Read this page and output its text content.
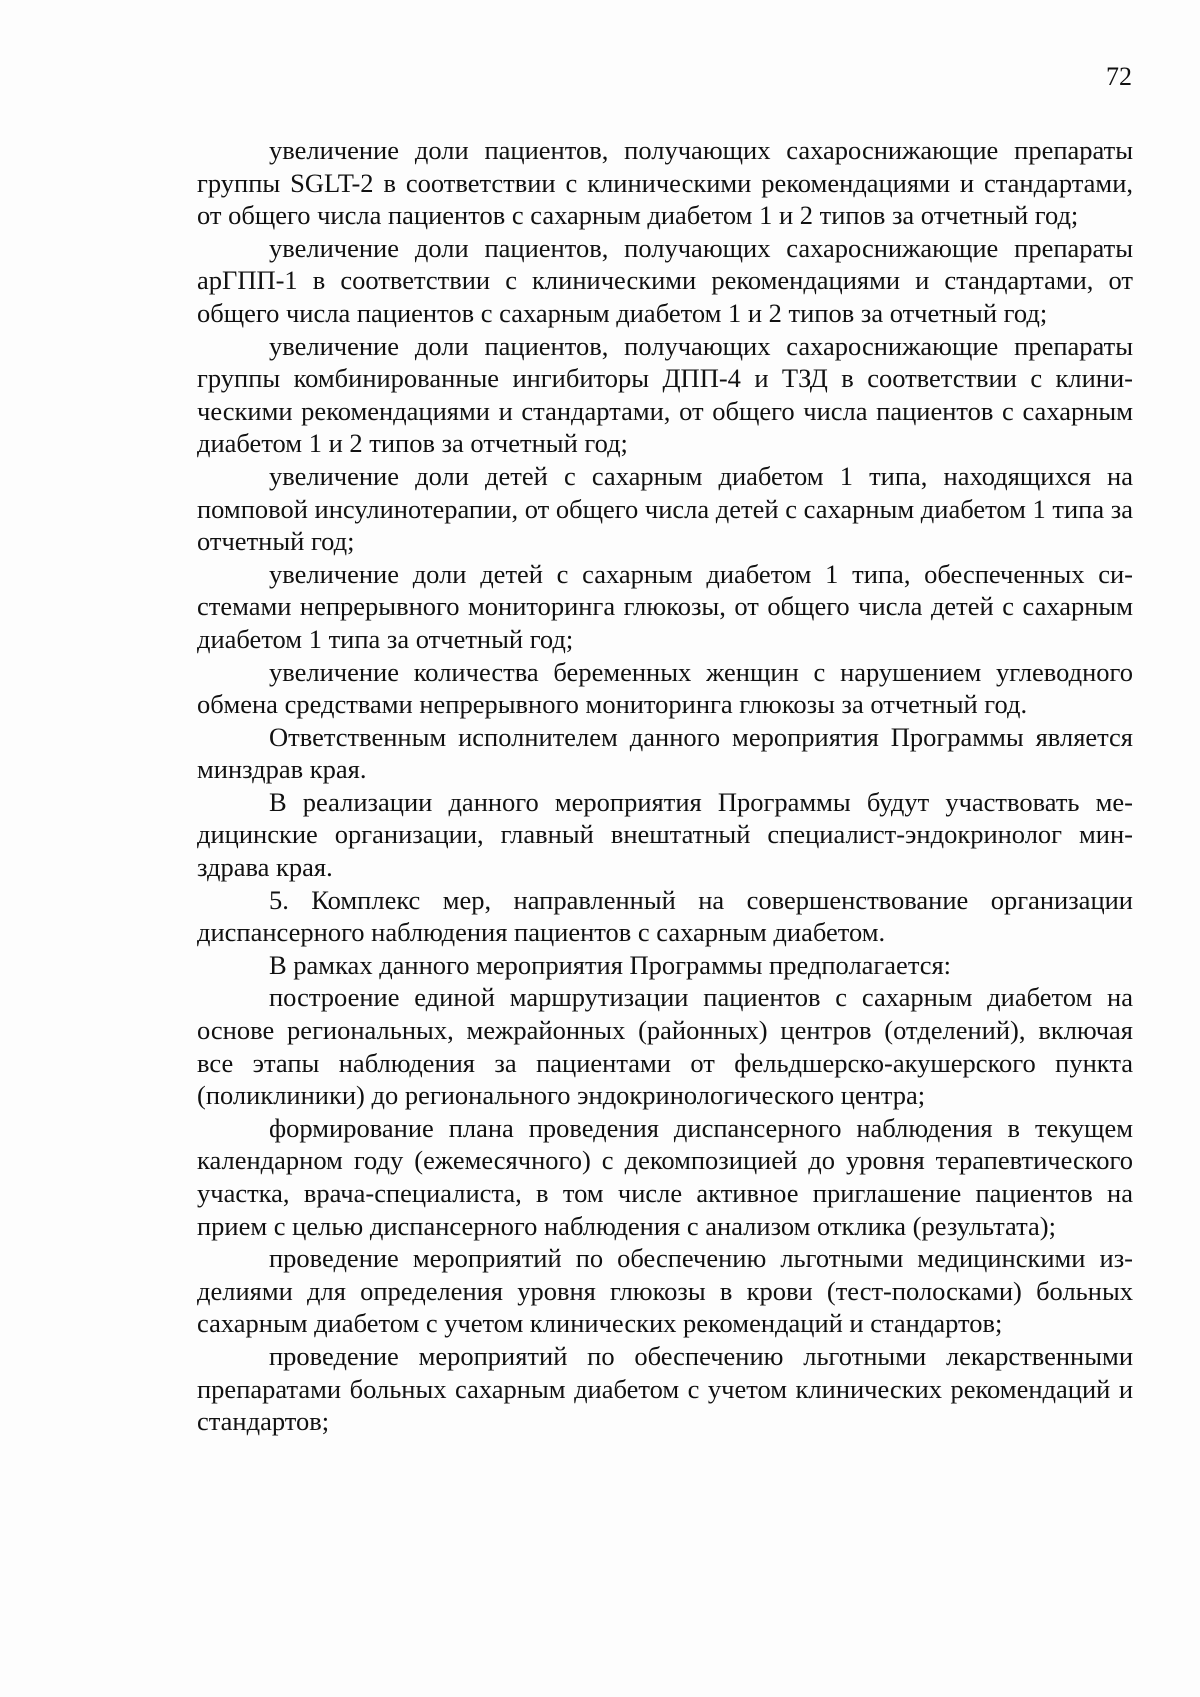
72

увеличение доли пациентов, получающих сахароснижающие препараты группы SGLT-2 в соответствии с клиническими рекомендациями и стандартами, от общего числа пациентов с сахарным диабетом 1 и 2 типов за отчетный год;

увеличение доли пациентов, получающих сахароснижающие препараты арГПП-1 в соответствии с клиническими рекомендациями и стандартами, от общего числа пациентов с сахарным диабетом 1 и 2 типов за отчетный год;

увеличение доли пациентов, получающих сахароснижающие препараты группы комбинированные ингибиторы ДПП-4 и ТЗД в соответствии с клиническими рекомендациями и стандартами, от общего числа пациентов с сахарным диабетом 1 и 2 типов за отчетный год;

увеличение доли детей с сахарным диабетом 1 типа, находящихся на помповой инсулинотерапии, от общего числа детей с сахарным диабетом 1 типа за отчетный год;

увеличение доли детей с сахарным диабетом 1 типа, обеспеченных системами непрерывного мониторинга глюкозы, от общего числа детей с сахарным диабетом 1 типа за отчетный год;

увеличение количества беременных женщин с нарушением углеводного обмена средствами непрерывного мониторинга глюкозы за отчетный год.

Ответственным исполнителем данного мероприятия Программы является минздрав края.

В реализации данного мероприятия Программы будут участвовать медицинские организации, главный внештатный специалист-эндокринолог минздрава края.

5. Комплекс мер, направленный на совершенствование организации диспансерного наблюдения пациентов с сахарным диабетом.

В рамках данного мероприятия Программы предполагается:

построение единой маршрутизации пациентов с сахарным диабетом на основе региональных, межрайонных (районных) центров (отделений), включая все этапы наблюдения за пациентами от фельдшерско-акушерского пункта (поликлиники) до регионального эндокринологического центра;

формирование плана проведения диспансерного наблюдения в текущем календарном году (ежемесячного) с декомпозицией до уровня терапевтического участка, врача-специалиста, в том числе активное приглашение пациентов на прием с целью диспансерного наблюдения с анализом отклика (результата);

проведение мероприятий по обеспечению льготными медицинскими изделиями для определения уровня глюкозы в крови (тест-полосками) больных сахарным диабетом с учетом клинических рекомендаций и стандартов;

проведение мероприятий по обеспечению льготными лекарственными препаратами больных сахарным диабетом с учетом клинических рекомендаций и стандартов;
